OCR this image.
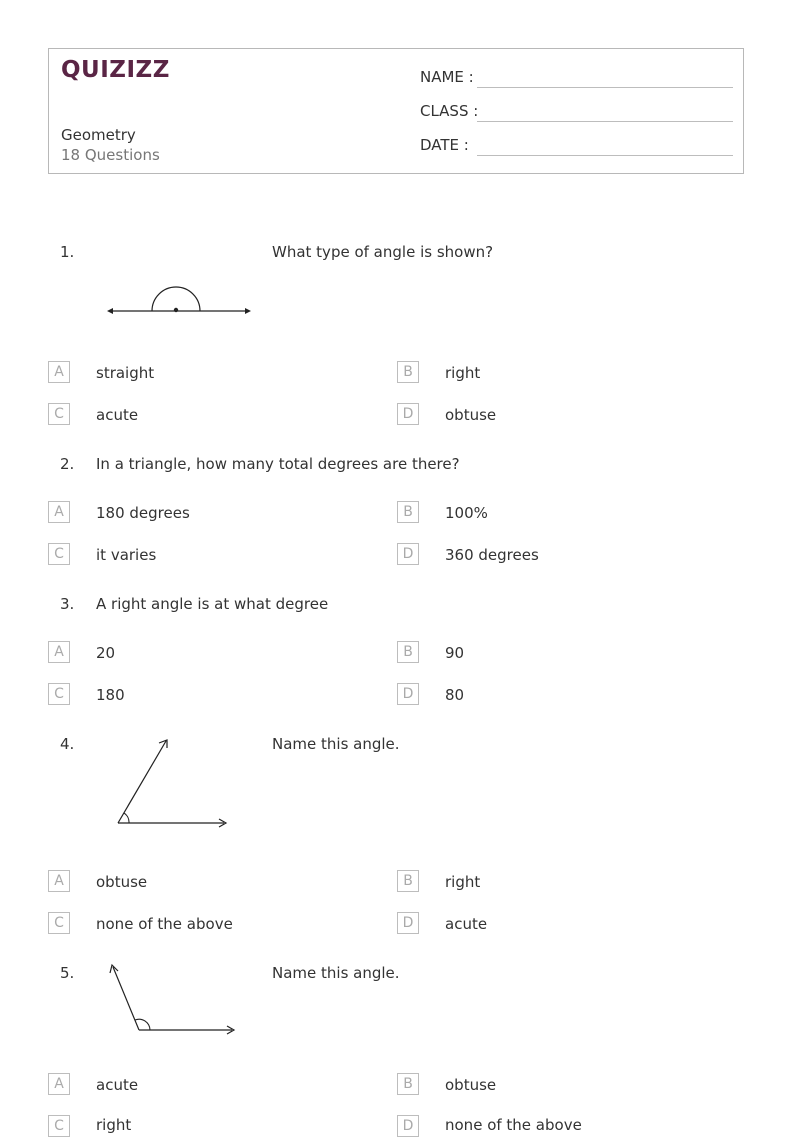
QUIZIZZ
Geometry
18 Questions
NAME :
CLASS :
DATE :
1.	What type of angle is shown?
A	straight	B	right
C	acute	D	obtuse
2. In a triangle, how many total degrees are there?
A	180 degrees	B	100%
C	it varies	D	360 degrees
3. A right angle is at what degree
A	20	B	90
C	180	D	80
4.	Name this angle.
A	obtuse	B	right
C	none of the above	D	acute
5.	Name this angle.
A	acute	B	obtuse
C	right	D	none of the above
